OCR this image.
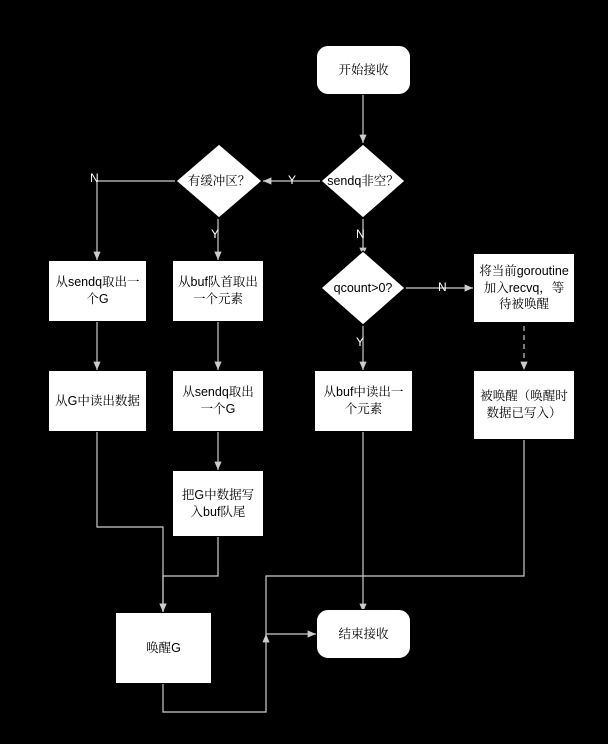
开始接收
sendq非空？
有缓冲区？
qcount>0?
从sendq取出一个G
从buf队首取出一个元素
将当前goroutine加入recvq，等待被唤醒
从G中读出数据
从sendq取出一个G
从buf中读出一个元素
被唤醒（唤醒时数据已写入）
把G中数据写入buf队尾
唤醒G
结束接收
Y
N
N
Y
N
Y
